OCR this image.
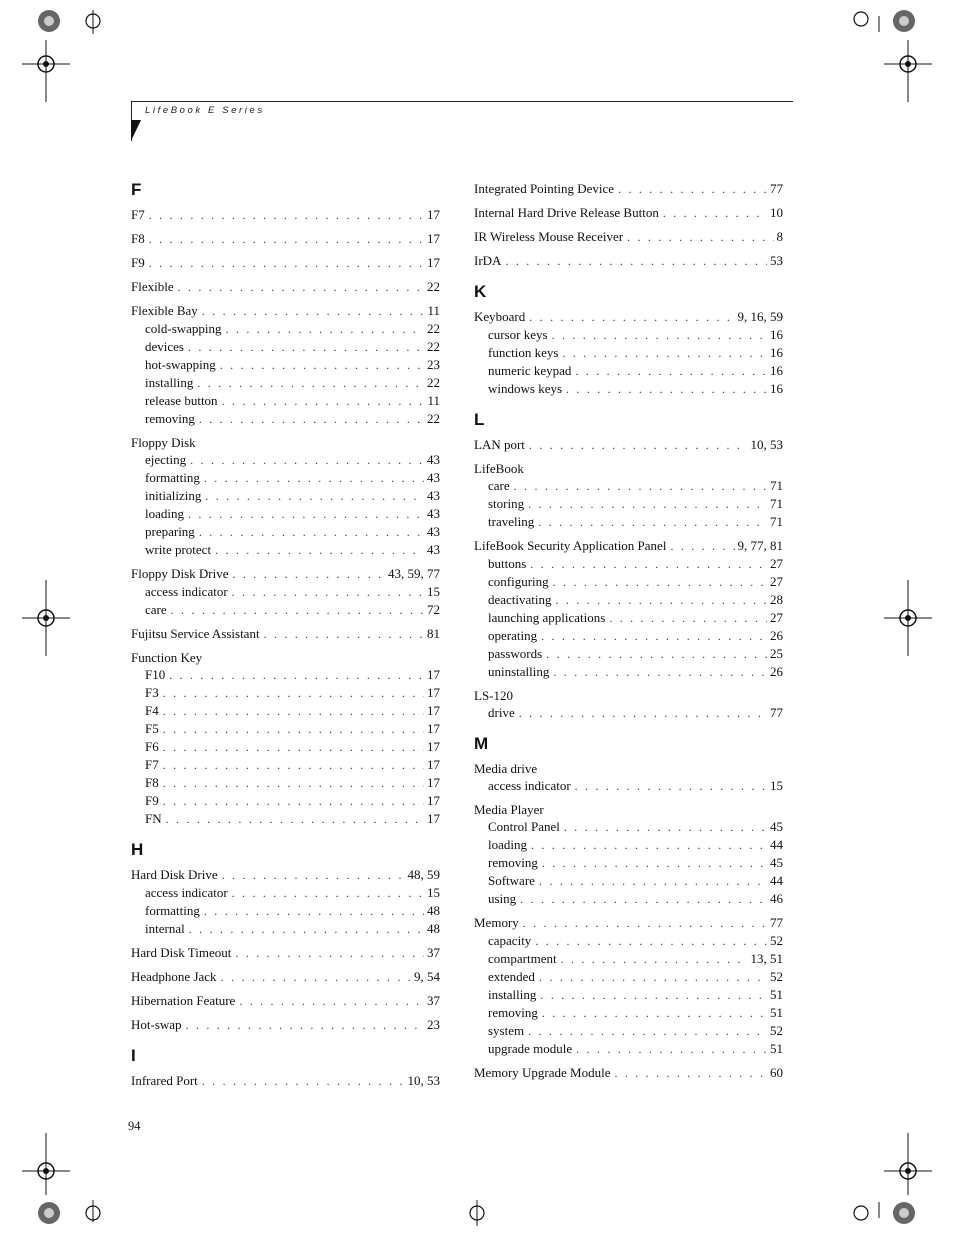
LifeBook E Series
F
F7 . . .	17
F8 . . .	17
F9 . . .	17
Flexible . . .	22
Flexible Bay . . .	11
cold-swapping . . .	22
devices . . .	22
hot-swapping . . .	23
installing . . .	22
release button . . .	11
removing . . .	22
Floppy Disk
ejecting . . .	43
formatting . . .	43
initializing . . .	43
loading . . .	43
preparing . . .	43
write protect . . .	43
Floppy Disk Drive . . .	43, 59, 77
access indicator . . .	15
care . . .	72
Fujitsu Service Assistant . . .	81
Function Key
F10 . . .	17
F3 . . .	17
F4 . . .	17
F5 . . .	17
F6 . . .	17
F7 . . .	17
F8 . . .	17
F9 . . .	17
FN . . .	17
H
Hard Disk Drive . . .	48, 59
access indicator . . .	15
formatting . . .	48
internal . . .	48
Hard Disk Timeout . . .	37
Headphone Jack . . .	9, 54
Hibernation Feature . . .	37
Hot-swap . . .	23
I
Infrared Port . . .	10, 53
Integrated Pointing Device . . .	77
Internal Hard Drive Release Button . . .	10
IR Wireless Mouse Receiver . . .	8
IrDA . . .	53
K
Keyboard . . .	9, 16, 59
cursor keys . . .	16
function keys . . .	16
numeric keypad . . .	16
windows keys . . .	16
L
LAN port . . .	10, 53
LifeBook
care . . .	71
storing . . .	71
traveling . . .	71
LifeBook Security Application Panel . . .	9, 77, 81
buttons . . .	27
configuring . . .	27
deactivating . . .	28
launching applications . . .	27
operating . . .	26
passwords . . .	25
uninstalling . . .	26
LS-120
drive . . .	77
M
Media drive
access indicator . . .	15
Media Player
Control Panel . . .	45
loading . . .	44
removing . . .	45
Software . . .	44
using . . .	46
Memory . . .	77
capacity . . .	52
compartment . . .	13, 51
extended . . .	52
installing . . .	51
removing . . .	51
system . . .	52
upgrade module . . .	51
Memory Upgrade Module . . .	60
94
